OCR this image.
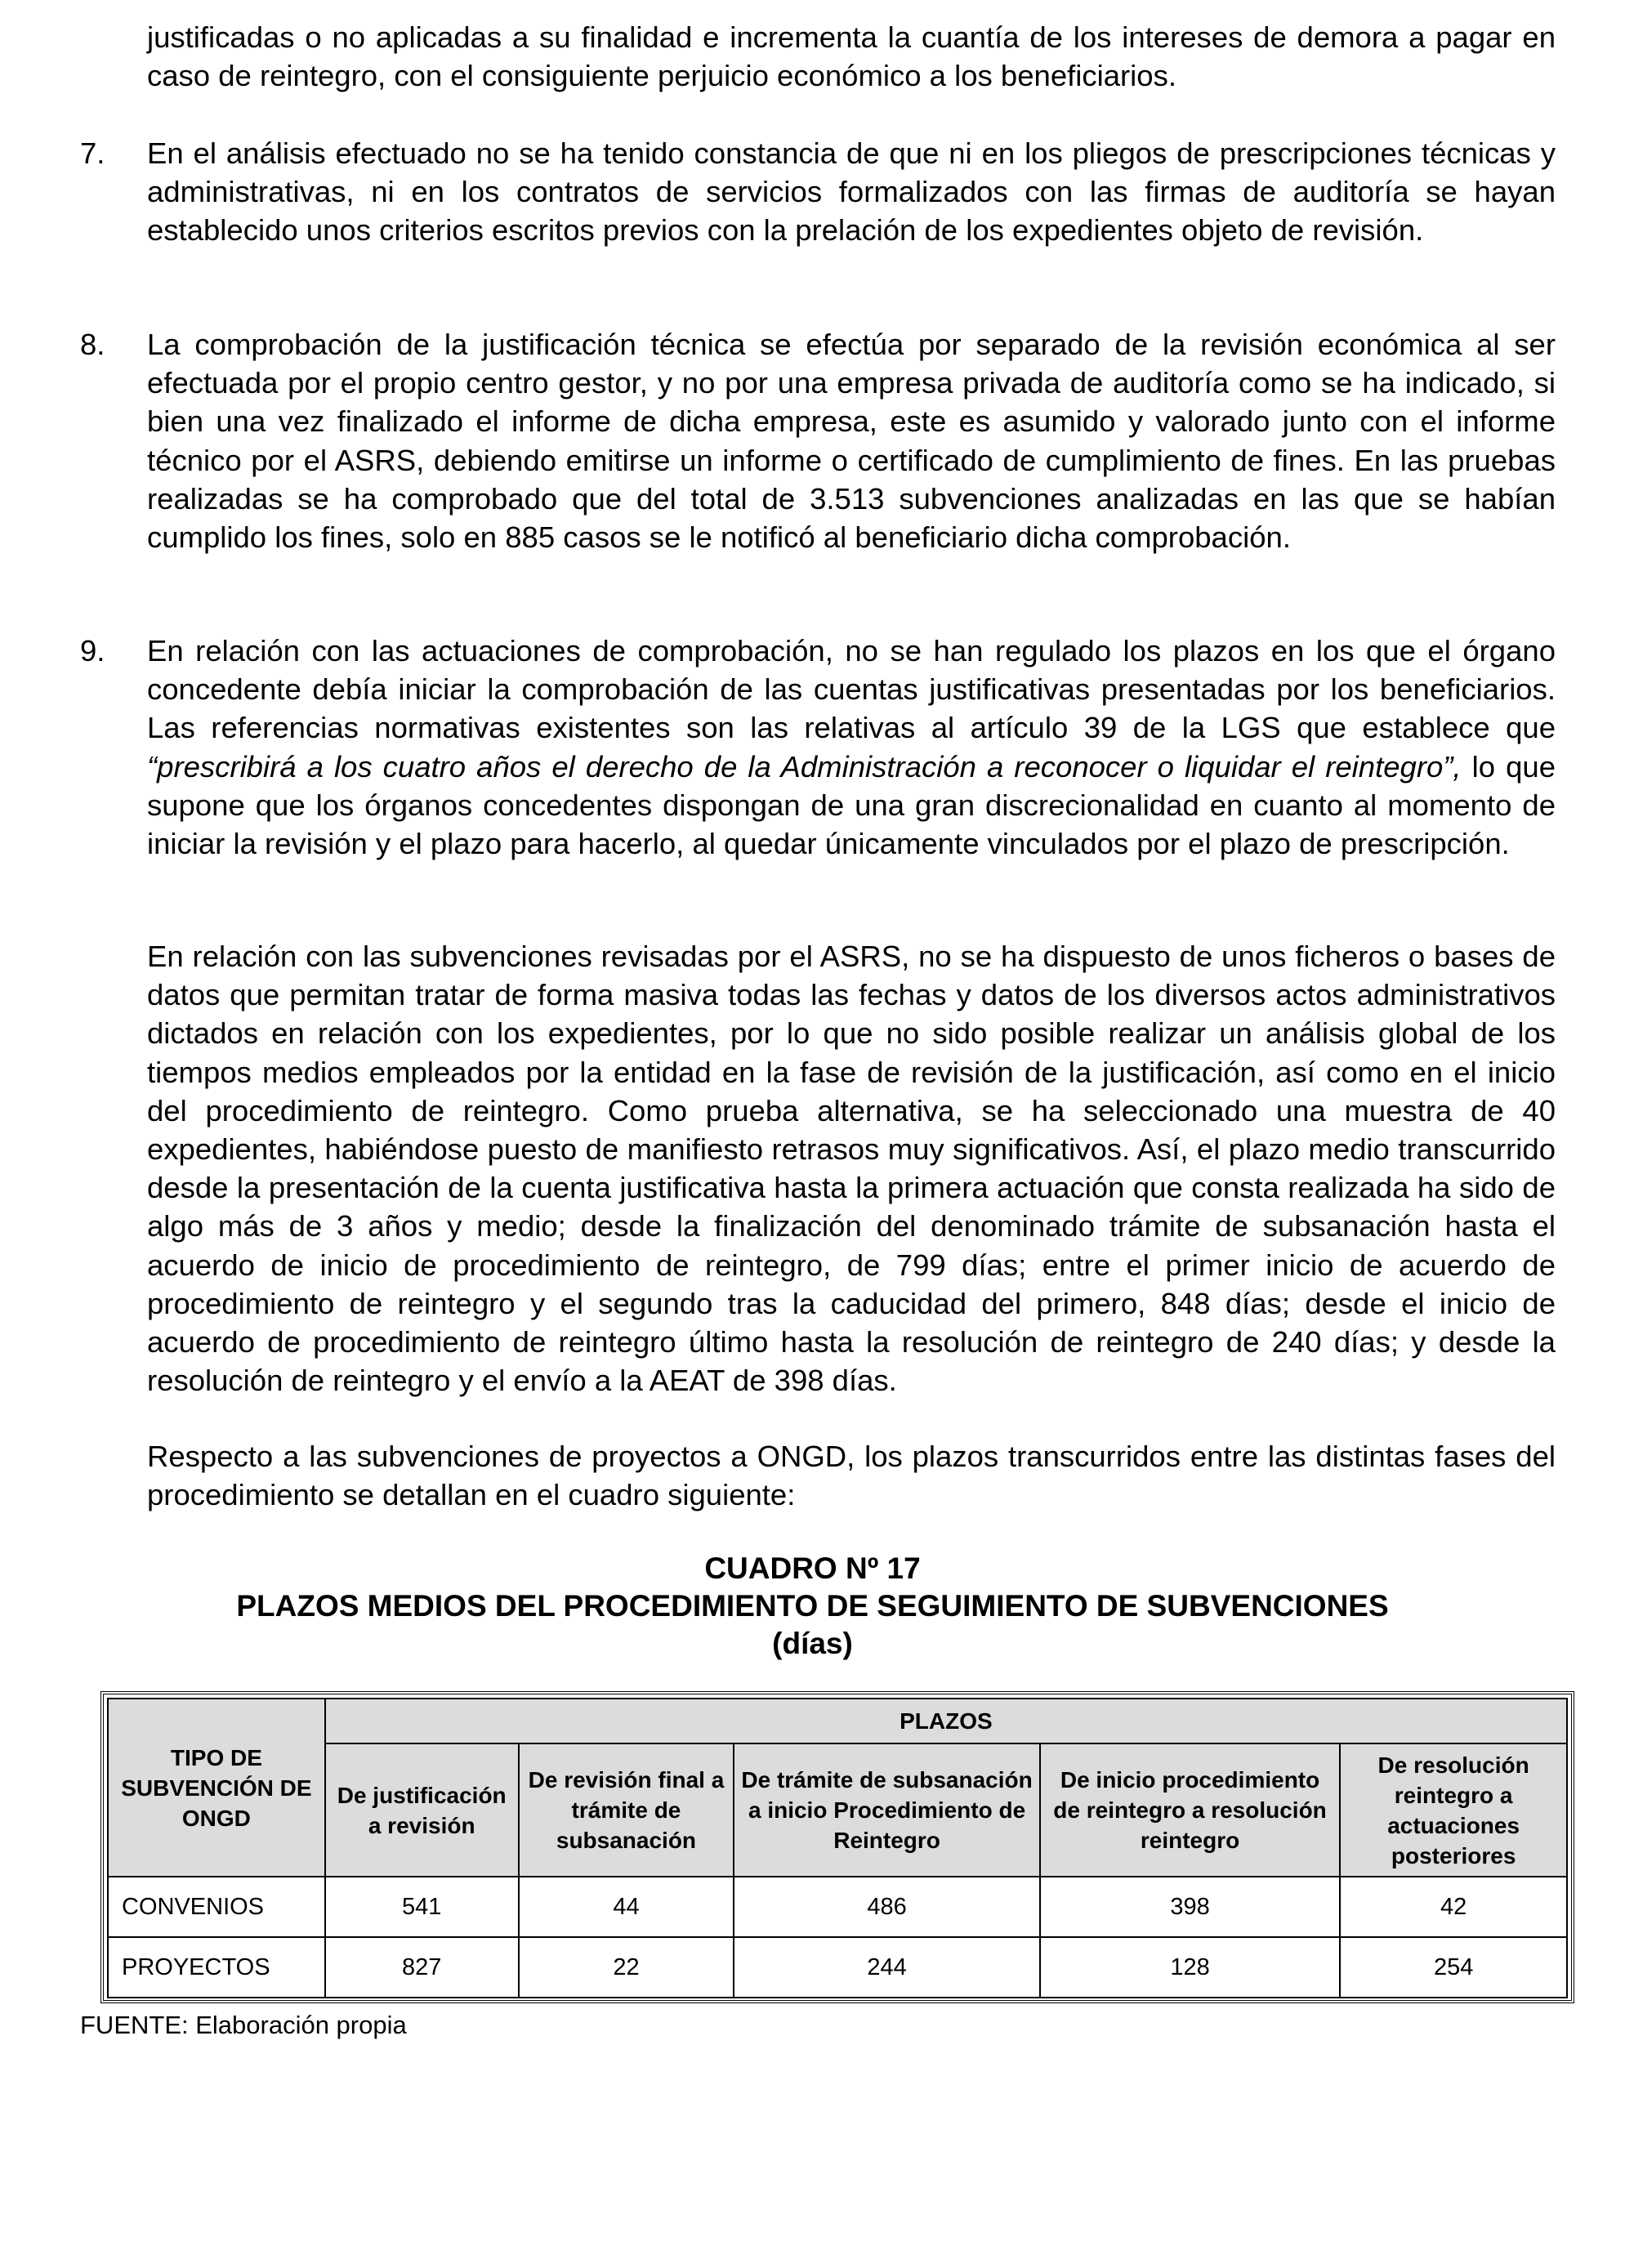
justificadas o no aplicadas a su finalidad e incrementa la cuantía de los intereses de demora a pagar en caso de reintegro, con el consiguiente perjuicio económico a los beneficiarios.

7. En el análisis efectuado no se ha tenido constancia de que ni en los pliegos de prescripciones técnicas y administrativas, ni en los contratos de servicios formalizados con las firmas de auditoría se hayan establecido unos criterios escritos previos con la prelación de los expedientes objeto de revisión.

8. La comprobación de la justificación técnica se efectúa por separado de la revisión económica al ser efectuada por el propio centro gestor, y no por una empresa privada de auditoría como se ha indicado, si bien una vez finalizado el informe de dicha empresa, este es asumido y valorado junto con el informe técnico por el ASRS, debiendo emitirse un informe o certificado de cumplimiento de fines. En las pruebas realizadas se ha comprobado que del total de 3.513 subvenciones analizadas en las que se habían cumplido los fines, solo en 885 casos se le notificó al beneficiario dicha comprobación.

9. En relación con las actuaciones de comprobación, no se han regulado los plazos en los que el órgano concedente debía iniciar la comprobación de las cuentas justificativas presentadas por los beneficiarios. Las referencias normativas existentes son las relativas al artículo 39 de la LGS que establece que “prescribirá a los cuatro años el derecho de la Administración a reconocer o liquidar el reintegro”, lo que supone que los órganos concedentes dispongan de una gran discrecionalidad en cuanto al momento de iniciar la revisión y el plazo para hacerlo, al quedar únicamente vinculados por el plazo de prescripción.

En relación con las subvenciones revisadas por el ASRS, no se ha dispuesto de unos ficheros o bases de datos que permitan tratar de forma masiva todas las fechas y datos de los diversos actos administrativos dictados en relación con los expedientes, por lo que no sido posible realizar un análisis global de los tiempos medios empleados por la entidad en la fase de revisión de la justificación, así como en el inicio del procedimiento de reintegro. Como prueba alternativa, se ha seleccionado una muestra de 40 expedientes, habiéndose puesto de manifiesto retrasos muy significativos. Así, el plazo medio transcurrido desde la presentación de la cuenta justificativa hasta la primera actuación que consta realizada ha sido de algo más de 3 años y medio; desde la finalización del denominado trámite de subsanación hasta el acuerdo de inicio de procedimiento de reintegro, de 799 días; entre el primer inicio de acuerdo de procedimiento de reintegro y el segundo tras la caducidad del primero, 848 días; desde el inicio de acuerdo de procedimiento de reintegro último hasta la resolución de reintegro de 240 días; y desde la resolución de reintegro y el envío a la AEAT de 398 días.

Respecto a las subvenciones de proyectos a ONGD, los plazos transcurridos entre las distintas fases del procedimiento se detallan en el cuadro siguiente:

CUADRO Nº 17
PLAZOS MEDIOS DEL PROCEDIMIENTO DE SEGUIMIENTO DE SUBVENCIONES
(días)
TIPO DE SUBVENCIÓN DE ONGD	PLAZOS				
	De justificación a revisión	De revisión final a trámite de subsanación	De trámite de subsanación a inicio Procedimiento de Reintegro	De inicio procedimiento de reintegro a resolución reintegro	De resolución reintegro a actuaciones posteriores
CONVENIOS	541	44	486	398	42
PROYECTOS	827	22	244	128	254
FUENTE: Elaboración propia
